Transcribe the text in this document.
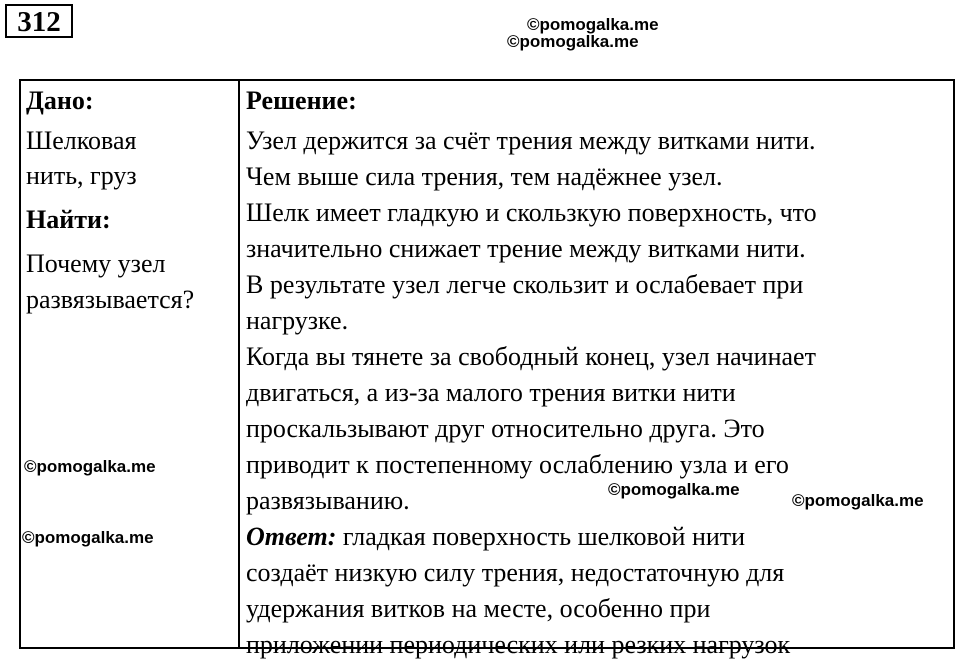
312	©pomogalka.me
©pomogalka.me
©pomogalka.me
©pomogalka.me
©pomogalka.me
©pomogalka.me
Дано:
Шелковая
нить, груз
Найти:
Почему узел
развязывается?
Решение:
Узел держится за счёт трения между витками нити.
Чем выше сила трения, тем надёжнее узел.
Шелк имеет гладкую и скользкую поверхность, что
значительно снижает трение между витками нити.
В результате узел легче скользит и ослабевает при
нагрузке.
Когда вы тянете за свободный конец, узел начинает
двигаться, а из-за малого трения витки нити
проскальзывают друг относительно друга. Это
приводит к постепенному ослаблению узла и его
развязыванию.
Ответ: гладкая поверхность шелковой нити
создаёт низкую силу трения, недостаточную для
удержания витков на месте, особенно при
приложении периодических или резких нагрузок
